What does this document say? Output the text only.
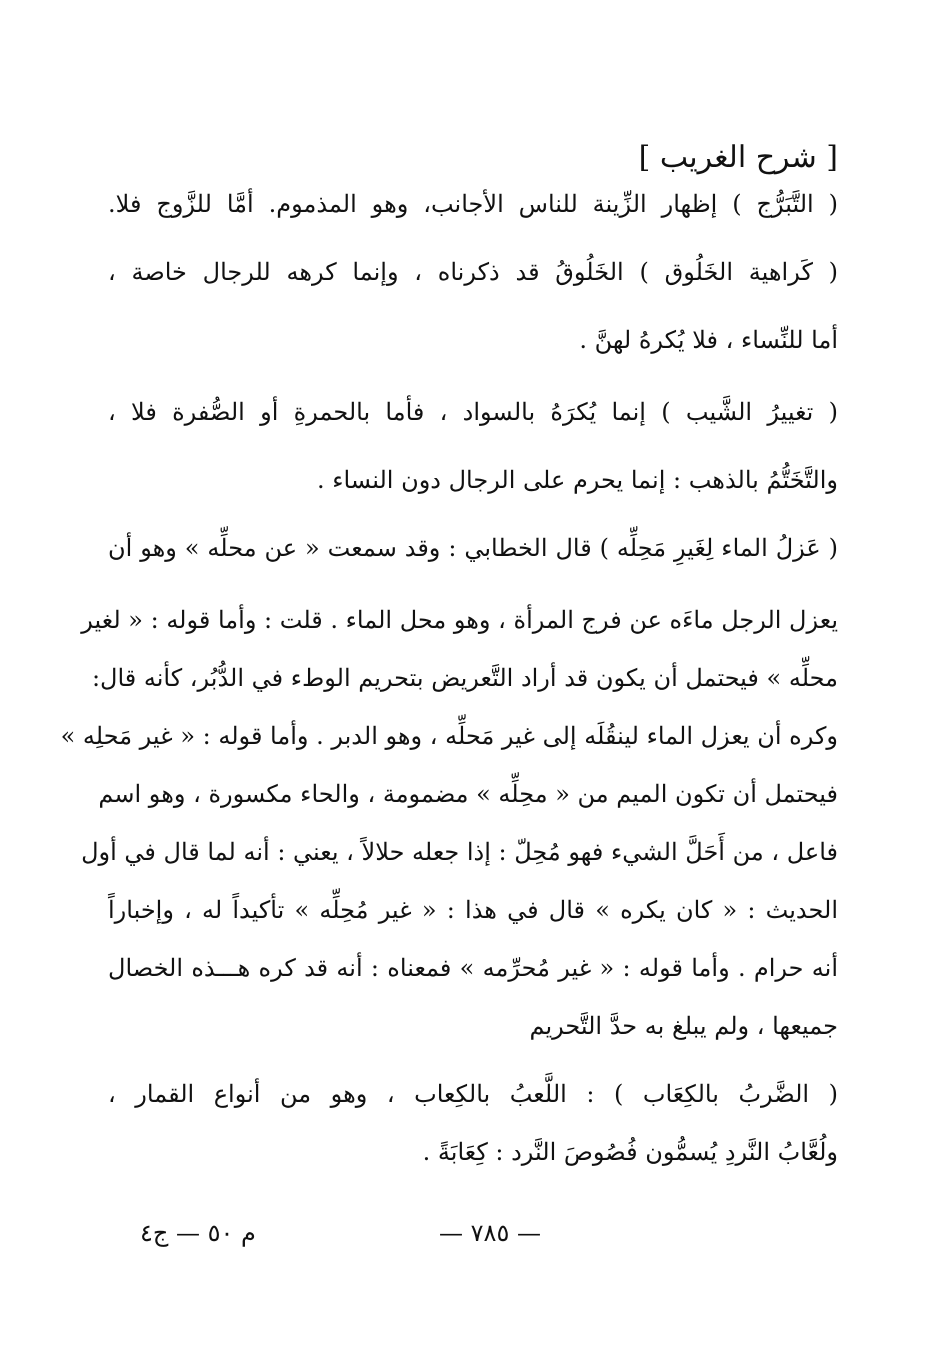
[ شرح الغريب ]
( التَّبَرُّج ) إظهار الزِّينة للناس الأجانب، وهو المذموم. أمَّا للزَّوج فلا.
( كَراهية الخَلُوق ) الخَلُوقُ قد ذكرناه ، وإنما كرهه للرجال خاصة ،
أما للنِّساء ، فلا يُكرهُ لهنَّ .
( تغييرُ الشَّيب ) إنما يُكرَهُ بالسواد ، فأما بالحمرةِ أو الصُّفرة فلا ،
والتَّخَتُّمُ بالذهب : إنما يحرم على الرجال دون النساء .
( عَزلُ الماء لِغَيرِ مَحِلِّه ) قال الخطابي : وقد سمعت « عن محلِّه » وهو أن
يعزل الرجل ماءَه عن فرج المرأة ، وهو محل الماء . قلت : وأما قوله : « لغير
محلِّه » فيحتمل أن يكون قد أراد التَّعريض بتحريم الوطء في الدُّبُر، كأنه قال:
وكره أن يعزل الماء لينقُلَه إلى غير مَحلِّه ، وهو الدبر . وأما قوله : « غير مَحلِه »
فيحتمل أن تكون الميم من « محِلِّه » مضمومة ، والحاء مكسورة ، وهو اسم
فاعل ، من أَحَلَّ الشيء فهو مُحِلّ : إذا جعله حلالاً ، يعني : أنه لما قال في أول
الحديث : « كان يكره » قال في هذا : « غير مُحِلِّه » تأكيداً له ، وإخباراً
أنه حرام . وأما قوله : « غير مُحرِّمه » فمعناه : أنه قد كره هـــذه الخصال
جميعها ، ولم يبلغ به حدَّ التَّحريم
( الضَّربُ بالكِعَاب ) : اللَّعبُ بالكِعاب ، وهو من أنواع القمار ،
ولُعَّابُ النَّردِ يُسمُّون فُصُوصَ النَّرد : كِعَابَةً .
— ٧٨٥ —
م ٥٠ — ج٤
